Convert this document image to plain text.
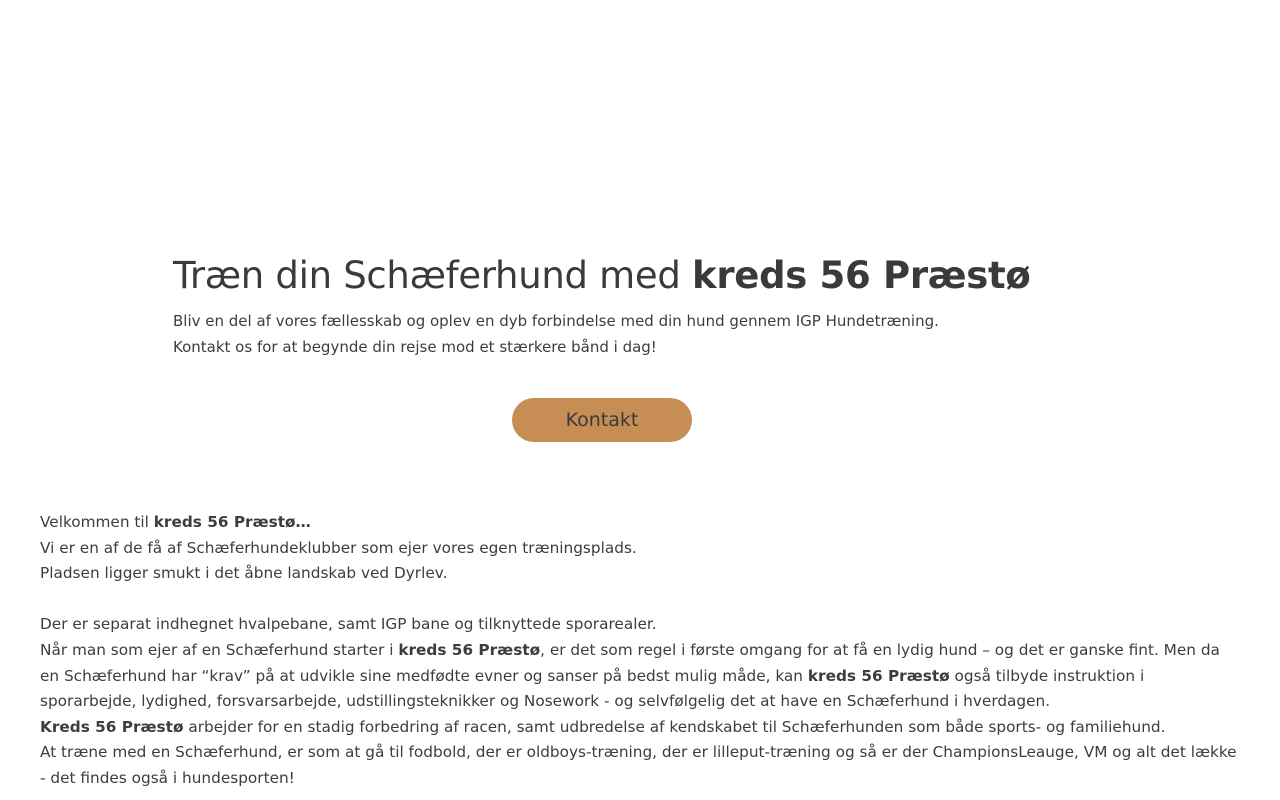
Træn din Schæferhund med kreds 56 Præstø
Bliv en del af vores fællesskab og oplev en dyb forbindelse med din hund gennem IGP Hundetræning.
Kontakt os for at begynde din rejse mod et stærkere bånd i dag!
Kontakt

Velkommen til kreds 56 Præstø…

Vi er en af de få af Schæferhundeklubber som ejer vores egen træningsplads.

Pladsen ligger smukt i det åbne landskab ved Dyrlev.

Der er separat indhegnet hvalpebane, samt IGP bane og tilknyttede sporarealer.

Når man som ejer af en Schæferhund starter i kreds 56 Præstø, er det som regel i første omgang for at få en lydig hund – og det er ganske fint. Men da en Schæferhund har “krav” på at udvikle sine medfødte evner og sanser på bedst mulig måde, kan kreds 56 Præstø også tilbyde instruktion i sporarbejde, lydighed, forsvarsarbejde, udstillingsteknikker og Nosework - og selvfølgelig det at have en Schæferhund i hverdagen.

Kreds 56 Præstø arbejder for en stadig forbedring af racen, samt udbredelse af kendskabet til Schæferhunden som både sports- og familiehund.

At træne med en Schæferhund, er som at gå til fodbold, der er oldboys-træning, der er lilleput-træning og så er der ChampionsLeauge, VM og alt det lække - det findes også i hundesporten!
